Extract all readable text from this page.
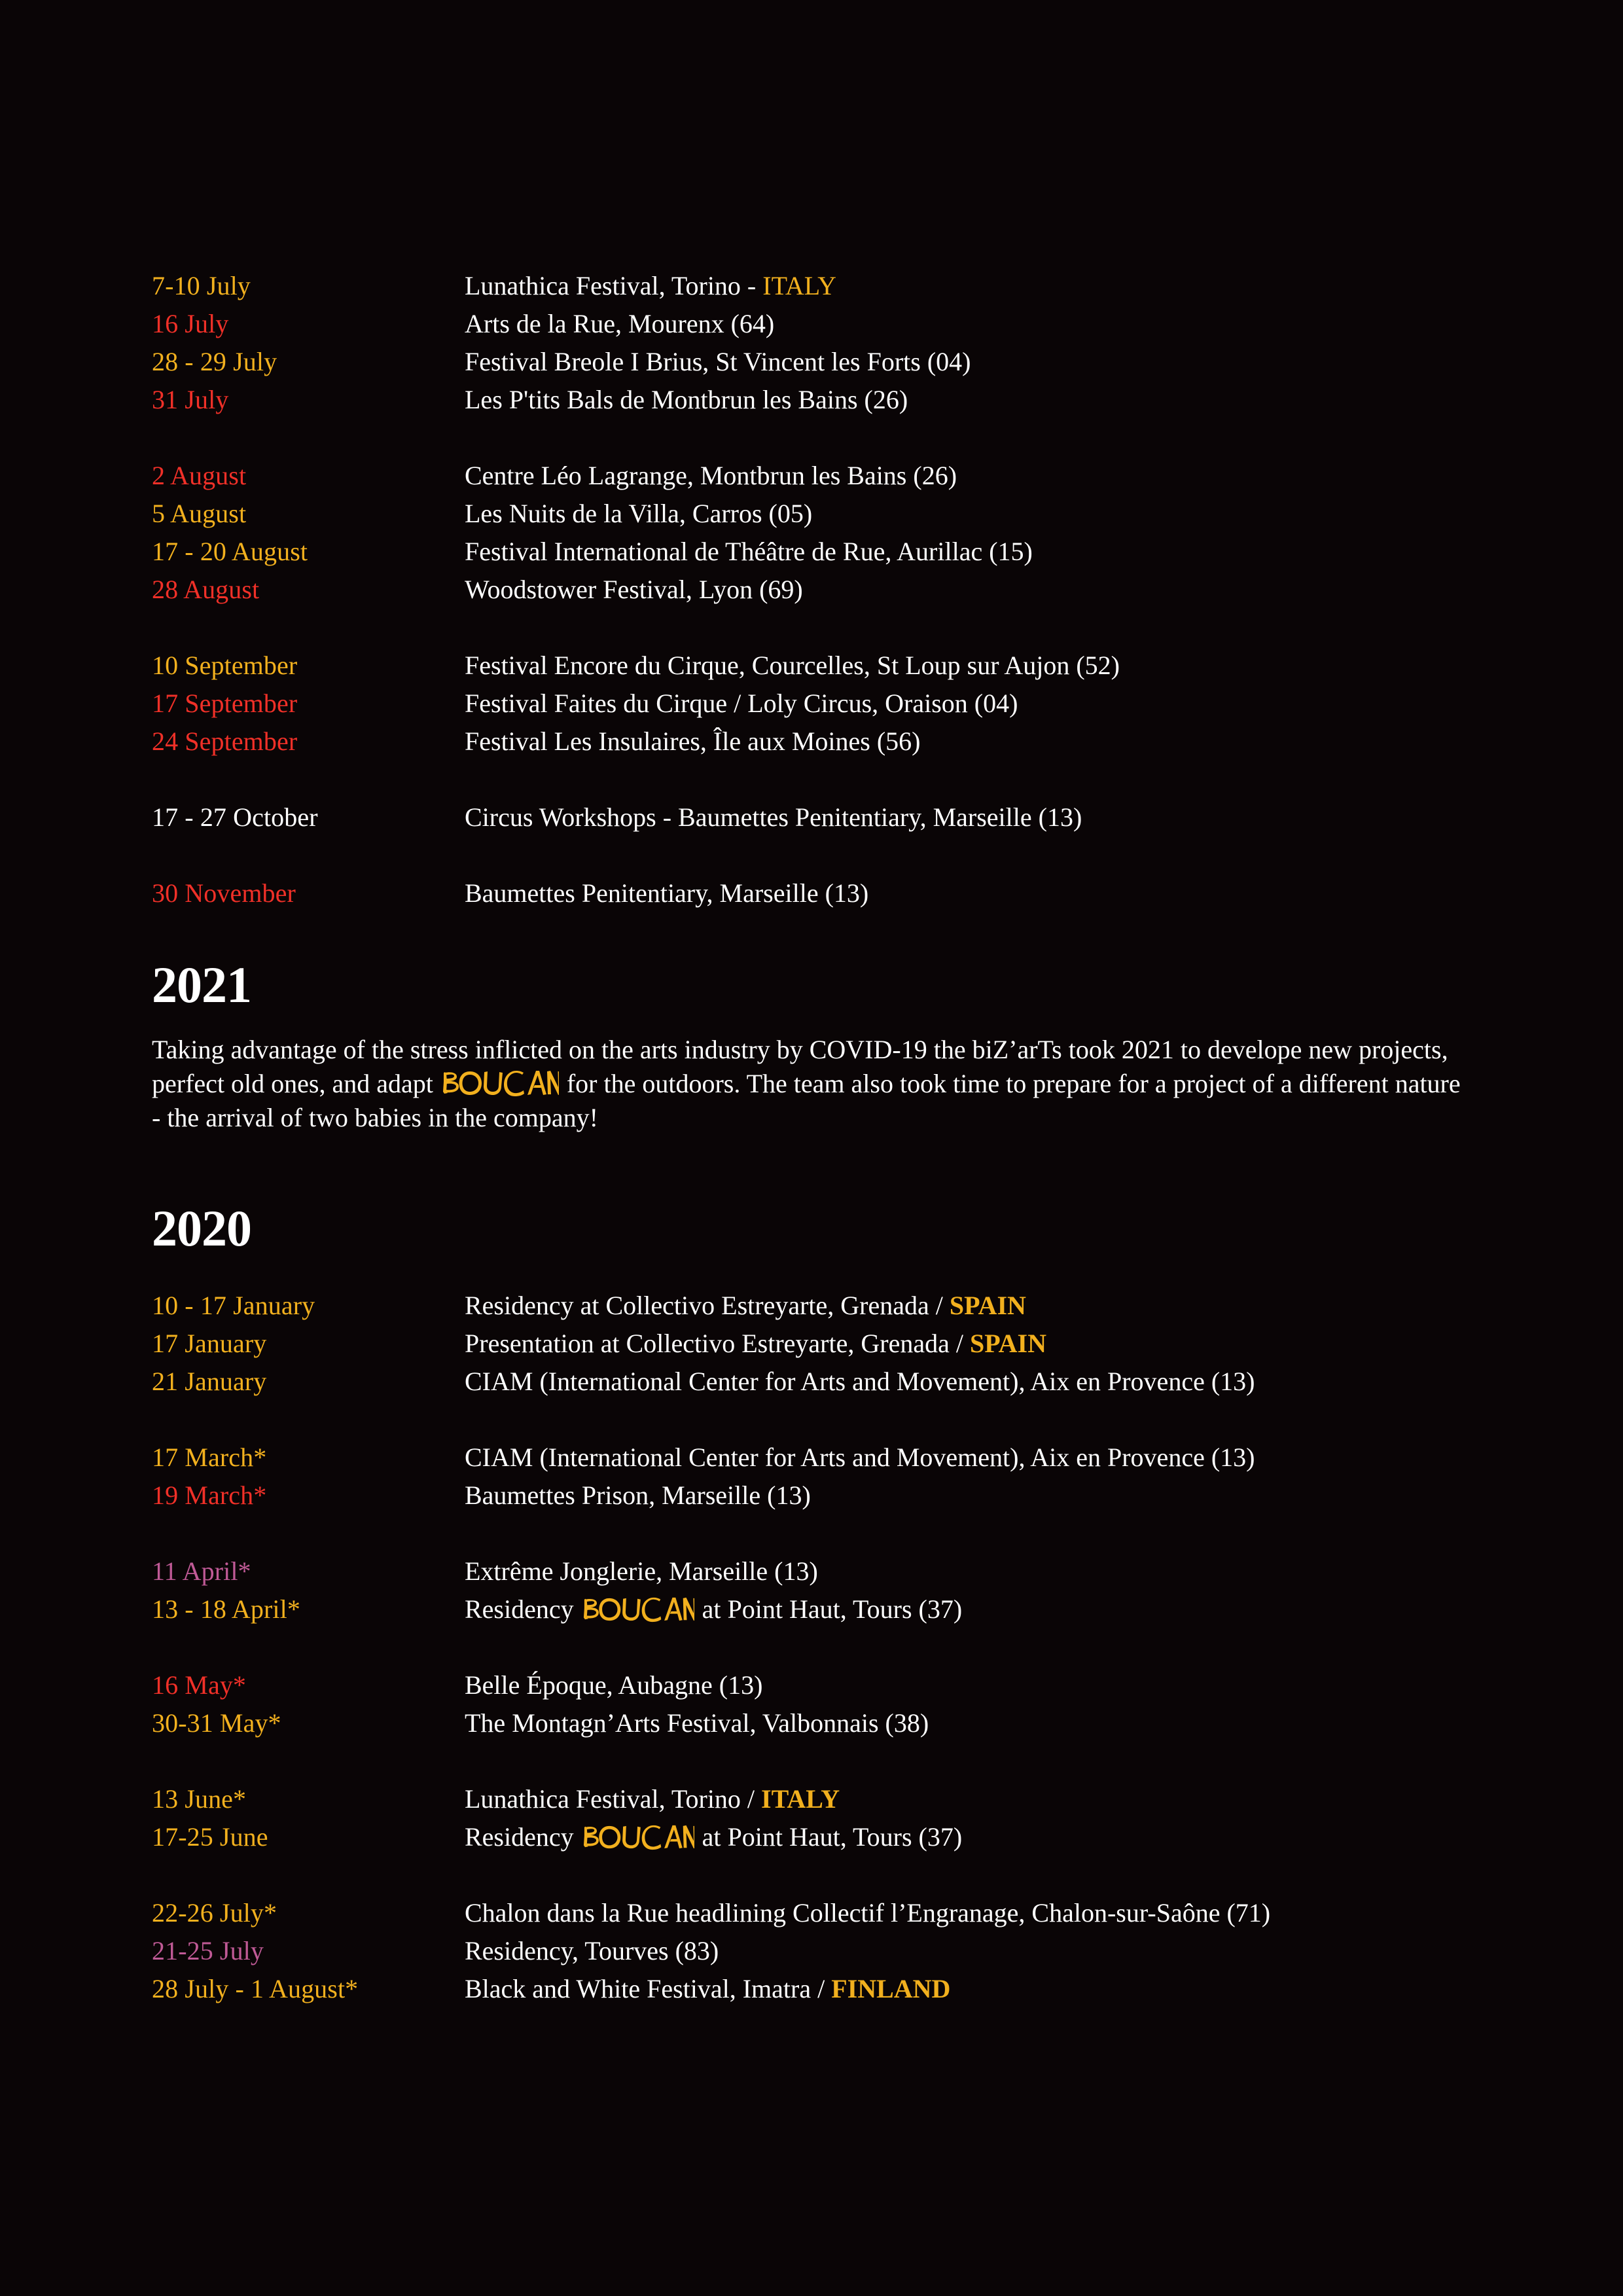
7-10 July	Lunathica Festival, Torino - ITALY
16 July	Arts de la Rue, Mourenx (64)
28 - 29 July	Festival Breole I Brius, St Vincent les Forts (04)
31 July	Les P'tits Bals de Montbrun les Bains (26)
2 August	Centre Léo Lagrange, Montbrun les Bains (26)
5 August	Les Nuits de la Villa, Carros (05)
17 - 20 August	Festival International de Théâtre de Rue, Aurillac (15)
28 August	Woodstower Festival, Lyon (69)
10 September	Festival Encore du Cirque, Courcelles, St Loup sur Aujon (52)
17 September	Festival Faites du Cirque / Loly Circus, Oraison (04)
24 September	Festival Les Insulaires, Île aux Moines (56)
17 - 27 October	Circus Workshops - Baumettes Penitentiary, Marseille (13)
30 November	Baumettes Penitentiary, Marseille (13)
2021
Taking advantage of the stress inflicted on the arts industry by COVID-19 the biZ’arTs took 2021 to develope new projects, perfect old ones, and adapt	for the outdoors. The team also took time to prepare for a project of a different nature - the arrival of two babies in the company!
2020
10 - 17 January	Residency at Collectivo Estreyarte, Grenada / SPAIN
17 January	Presentation at Collectivo Estreyarte, Grenada / SPAIN
21 January	CIAM (International Center for Arts and Movement), Aix en Provence (13)
17 March*	CIAM (International Center for Arts and Movement), Aix en Provence (13)
19 March*	Baumettes Prison, Marseille (13)
11 April*	Extrême Jonglerie, Marseille (13)
13 - 18 April*	Residency	at Point Haut, Tours (37)
16 May*	Belle Époque, Aubagne (13)
30-31 May*	The Montagn’Arts Festival, Valbonnais (38)
13 June*	Lunathica Festival, Torino / ITALY
17-25 June	Residency	at Point Haut, Tours (37)
22-26 July*	Chalon dans la Rue headlining Collectif l’Engranage, Chalon-sur-Saône (71)
21-25 July	Residency, Tourves (83)
28 July - 1 August*	Black and White Festival, Imatra / FINLAND
